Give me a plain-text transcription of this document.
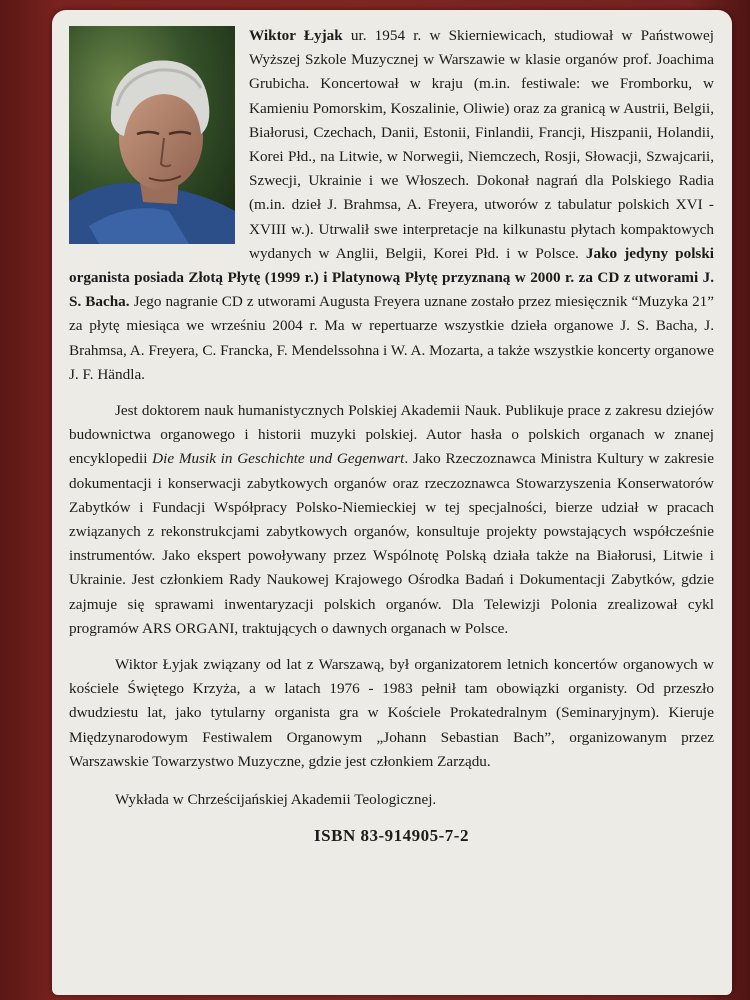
Wiktor Łyjak ur. 1954 r. w Skierniewicach, studiował w Państwowej Wyższej Szkole Muzycznej w Warszawie w klasie organów prof. Joachima Grubicha. Koncertował w kraju (m.in. festiwale: we Fromborku, w Kamieniu Pomorskim, Koszalinie, Oliwie) oraz za granicą w Austrii, Belgii, Białorusi, Czechach, Danii, Estonii, Finlandii, Francji, Hiszpanii, Holandii, Korei Płd., na Litwie, w Norwegii, Niemczech, Rosji, Słowacji, Szwajcarii, Szwecji, Ukrainie i we Włoszech. Dokonał nagrań dla Polskiego Radia (m.in. dzieł J. Brahmsa, A. Freyera, utworów z tabulatur polskich XVI - XVIII w.). Utrwalił swe interpretacje na kilkunastu płytach kompaktowych wydanych w Anglii, Belgii, Korei Płd. i w Polsce. Jako jedyny polski organista posiada Złotą Płytę (1999 r.) i Platynową Płytę przyznaną w 2000 r. za CD z utworami J. S. Bacha. Jego nagranie CD z utworami Augusta Freyera uznane zostało przez miesięcznik “Muzyka 21” za płytę miesiąca we wrześniu 2004 r. Ma w repertuarze wszystkie dzieła organowe J. S. Bacha, J. Brahmsa, A. Freyera, C. Francka, F. Mendelssohna i W. A. Mozarta, a także wszystkie koncerty organowe J. F. Händla.

Jest doktorem nauk humanistycznych Polskiej Akademii Nauk. Publikuje prace z zakresu dziejów budownictwa organowego i historii muzyki polskiej. Autor hasła o polskich organach w znanej encyklopedii Die Musik in Geschichte und Gegenwart. Jako Rzeczoznawca Ministra Kultury w zakresie dokumentacji i konserwacji zabytkowych organów oraz rzeczoznawca Stowarzyszenia Konserwatorów Zabytków i Fundacji Współpracy Polsko-Niemieckiej w tej specjalności, bierze udział w pracach związanych z rekonstrukcjami zabytkowych organów, konsultuje projekty powstających współcześnie instrumentów. Jako ekspert powoływany przez Wspólnotę Polską działa także na Białorusi, Litwie i Ukrainie. Jest członkiem Rady Naukowej Krajowego Ośrodka Badań i Dokumentacji Zabytków, gdzie zajmuje się sprawami inwentaryzacji polskich organów. Dla Telewizji Polonia zrealizował cykl programów ARS ORGANI, traktujących o dawnych organach w Polsce.

Wiktor Łyjak związany od lat z Warszawą, był organizatorem letnich koncertów organowych w kościele Świętego Krzyża, a w latach 1976 - 1983 pełnił tam obowiązki organisty. Od przeszło dwudziestu lat, jako tytularny organista gra w Kościele Prokatedralnym (Seminaryjnym). Kieruje Międzynarodowym Festiwalem Organowym „Johann Sebastian Bach”, organizowanym przez Warszawskie Towarzystwo Muzyczne, gdzie jest członkiem Zarządu.

Wykłada w Chrześcijańskiej Akademii Teologicznej.

ISBN 83-914905-7-2
